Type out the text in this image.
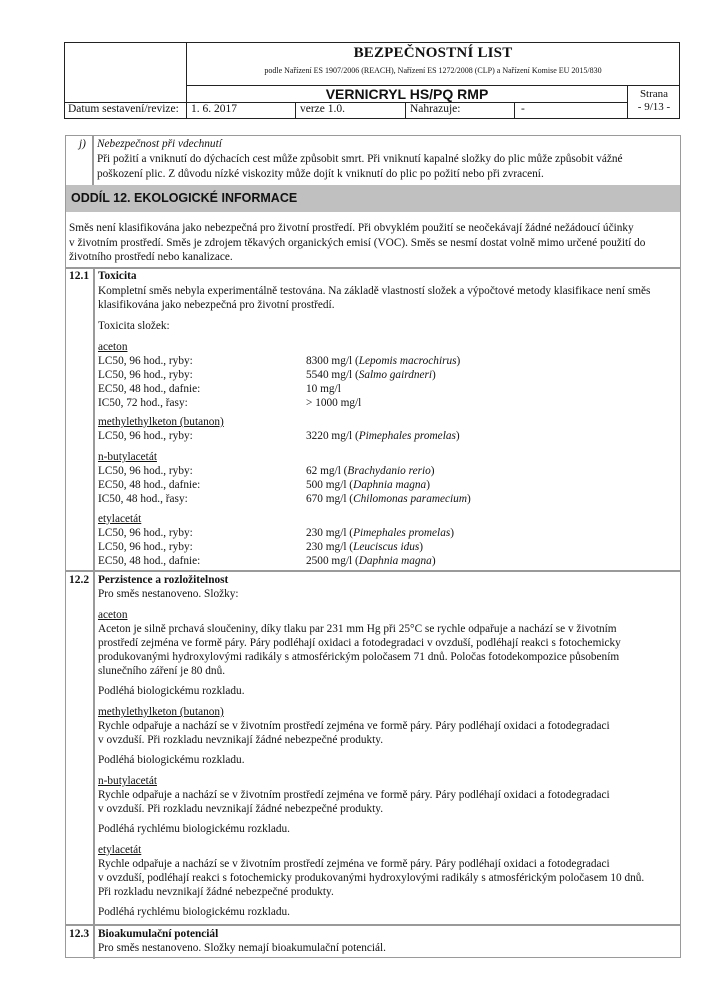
BEZPEČNOSTNÍ LIST
podle Nařízení ES 1907/2006 (REACH), Nařízení ES 1272/2008 (CLP) a Nařízení Komise EU 2015/830
VERNICRYL HS/PQ RMP	Strana
- 9/13 -
Datum sestavení/revize: 1. 6. 2017	verze 1.0.	Nahrazuje:	-
j) Nebezpečnost při vdechnutí
Při požití a vniknutí do dýchacích cest může způsobit smrt. Při vniknutí kapalné složky do plic může způsobit vážné
poškození plic. Z důvodu nízké viskozity může dojít k vniknutí do plic po požití nebo při zvracení.
ODDÍL 12. EKOLOGICKÉ INFORMACE
Směs není klasifikována jako nebezpečná pro životní prostředí. Při obvyklém použití se neočekávají žádné nežádoucí účinky
v životním prostředí. Směs je zdrojem těkavých organických emisí (VOC). Směs se nesmí dostat volně mimo určené použití do
životního prostředí nebo kanalizace.
12.1 Toxicita
Kompletní směs nebyla experimentálně testována. Na základě vlastností složek a výpočtové metody klasifikace není směs
klasifikována jako nebezpečná pro životní prostředí.
Toxicita složek:
aceton
LC50, 96 hod., ryby:	8300 mg/l (Lepomis macrochirus)
LC50, 96 hod., ryby:	5540 mg/l (Salmo gairdneri)
EC50, 48 hod., dafnie:	10 mg/l
IC50, 72 hod., řasy:	> 1000 mg/l
methylethylketon (butanon)
LC50, 96 hod., ryby:	3220 mg/l (Pimephales promelas)
n-butylacetát
LC50, 96 hod., ryby:	62 mg/l (Brachydanio rerio)
EC50, 48 hod., dafnie:	500 mg/l (Daphnia magna)
IC50, 48 hod., řasy:	670 mg/l (Chilomonas paramecium)
etylacetát
LC50, 96 hod., ryby:	230 mg/l (Pimephales promelas)
LC50, 96 hod., ryby:	230 mg/l (Leuciscus idus)
EC50, 48 hod., dafnie:	2500 mg/l (Daphnia magna)
12.2 Perzistence a rozložitelnost
Pro směs nestanoveno. Složky:
aceton
Aceton je silně prchavá sloučeniny, díky tlaku par 231 mm Hg při 25°C se rychle odpařuje a nachází se v životním
prostředí zejména ve formě páry. Páry podléhají oxidaci a fotodegradaci v ovzduší, podléhají reakci s fotochemicky
produkovanými hydroxylovými radikály s atmosférickým poločasem 71 dnů. Poločas fotodekompozice působením
slunečního záření je 80 dnů.
Podléhá biologickému rozkladu.
methylethylketon (butanon)
Rychle odpařuje a nachází se v životním prostředí zejména ve formě páry. Páry podléhají oxidaci a fotodegradaci
v ovzduší. Při rozkladu nevznikají žádné nebezpečné produkty.
Podléhá biologickému rozkladu.
n-butylacetát
Rychle odpařuje a nachází se v životním prostředí zejména ve formě páry. Páry podléhají oxidaci a fotodegradaci
v ovzduší. Při rozkladu nevznikají žádné nebezpečné produkty.
Podléhá rychlému biologickému rozkladu.
etylacetát
Rychle odpařuje a nachází se v životním prostředí zejména ve formě páry. Páry podléhají oxidaci a fotodegradaci
v ovzduší, podléhají reakci s fotochemicky produkovanými hydroxylovými radikály s atmosférickým poločasem 10 dnů.
Při rozkladu nevznikají žádné nebezpečné produkty.
Podléhá rychlému biologickému rozkladu.
12.3 Bioakumulační potenciál
Pro směs nestanoveno. Složky nemají bioakumulační potenciál.
